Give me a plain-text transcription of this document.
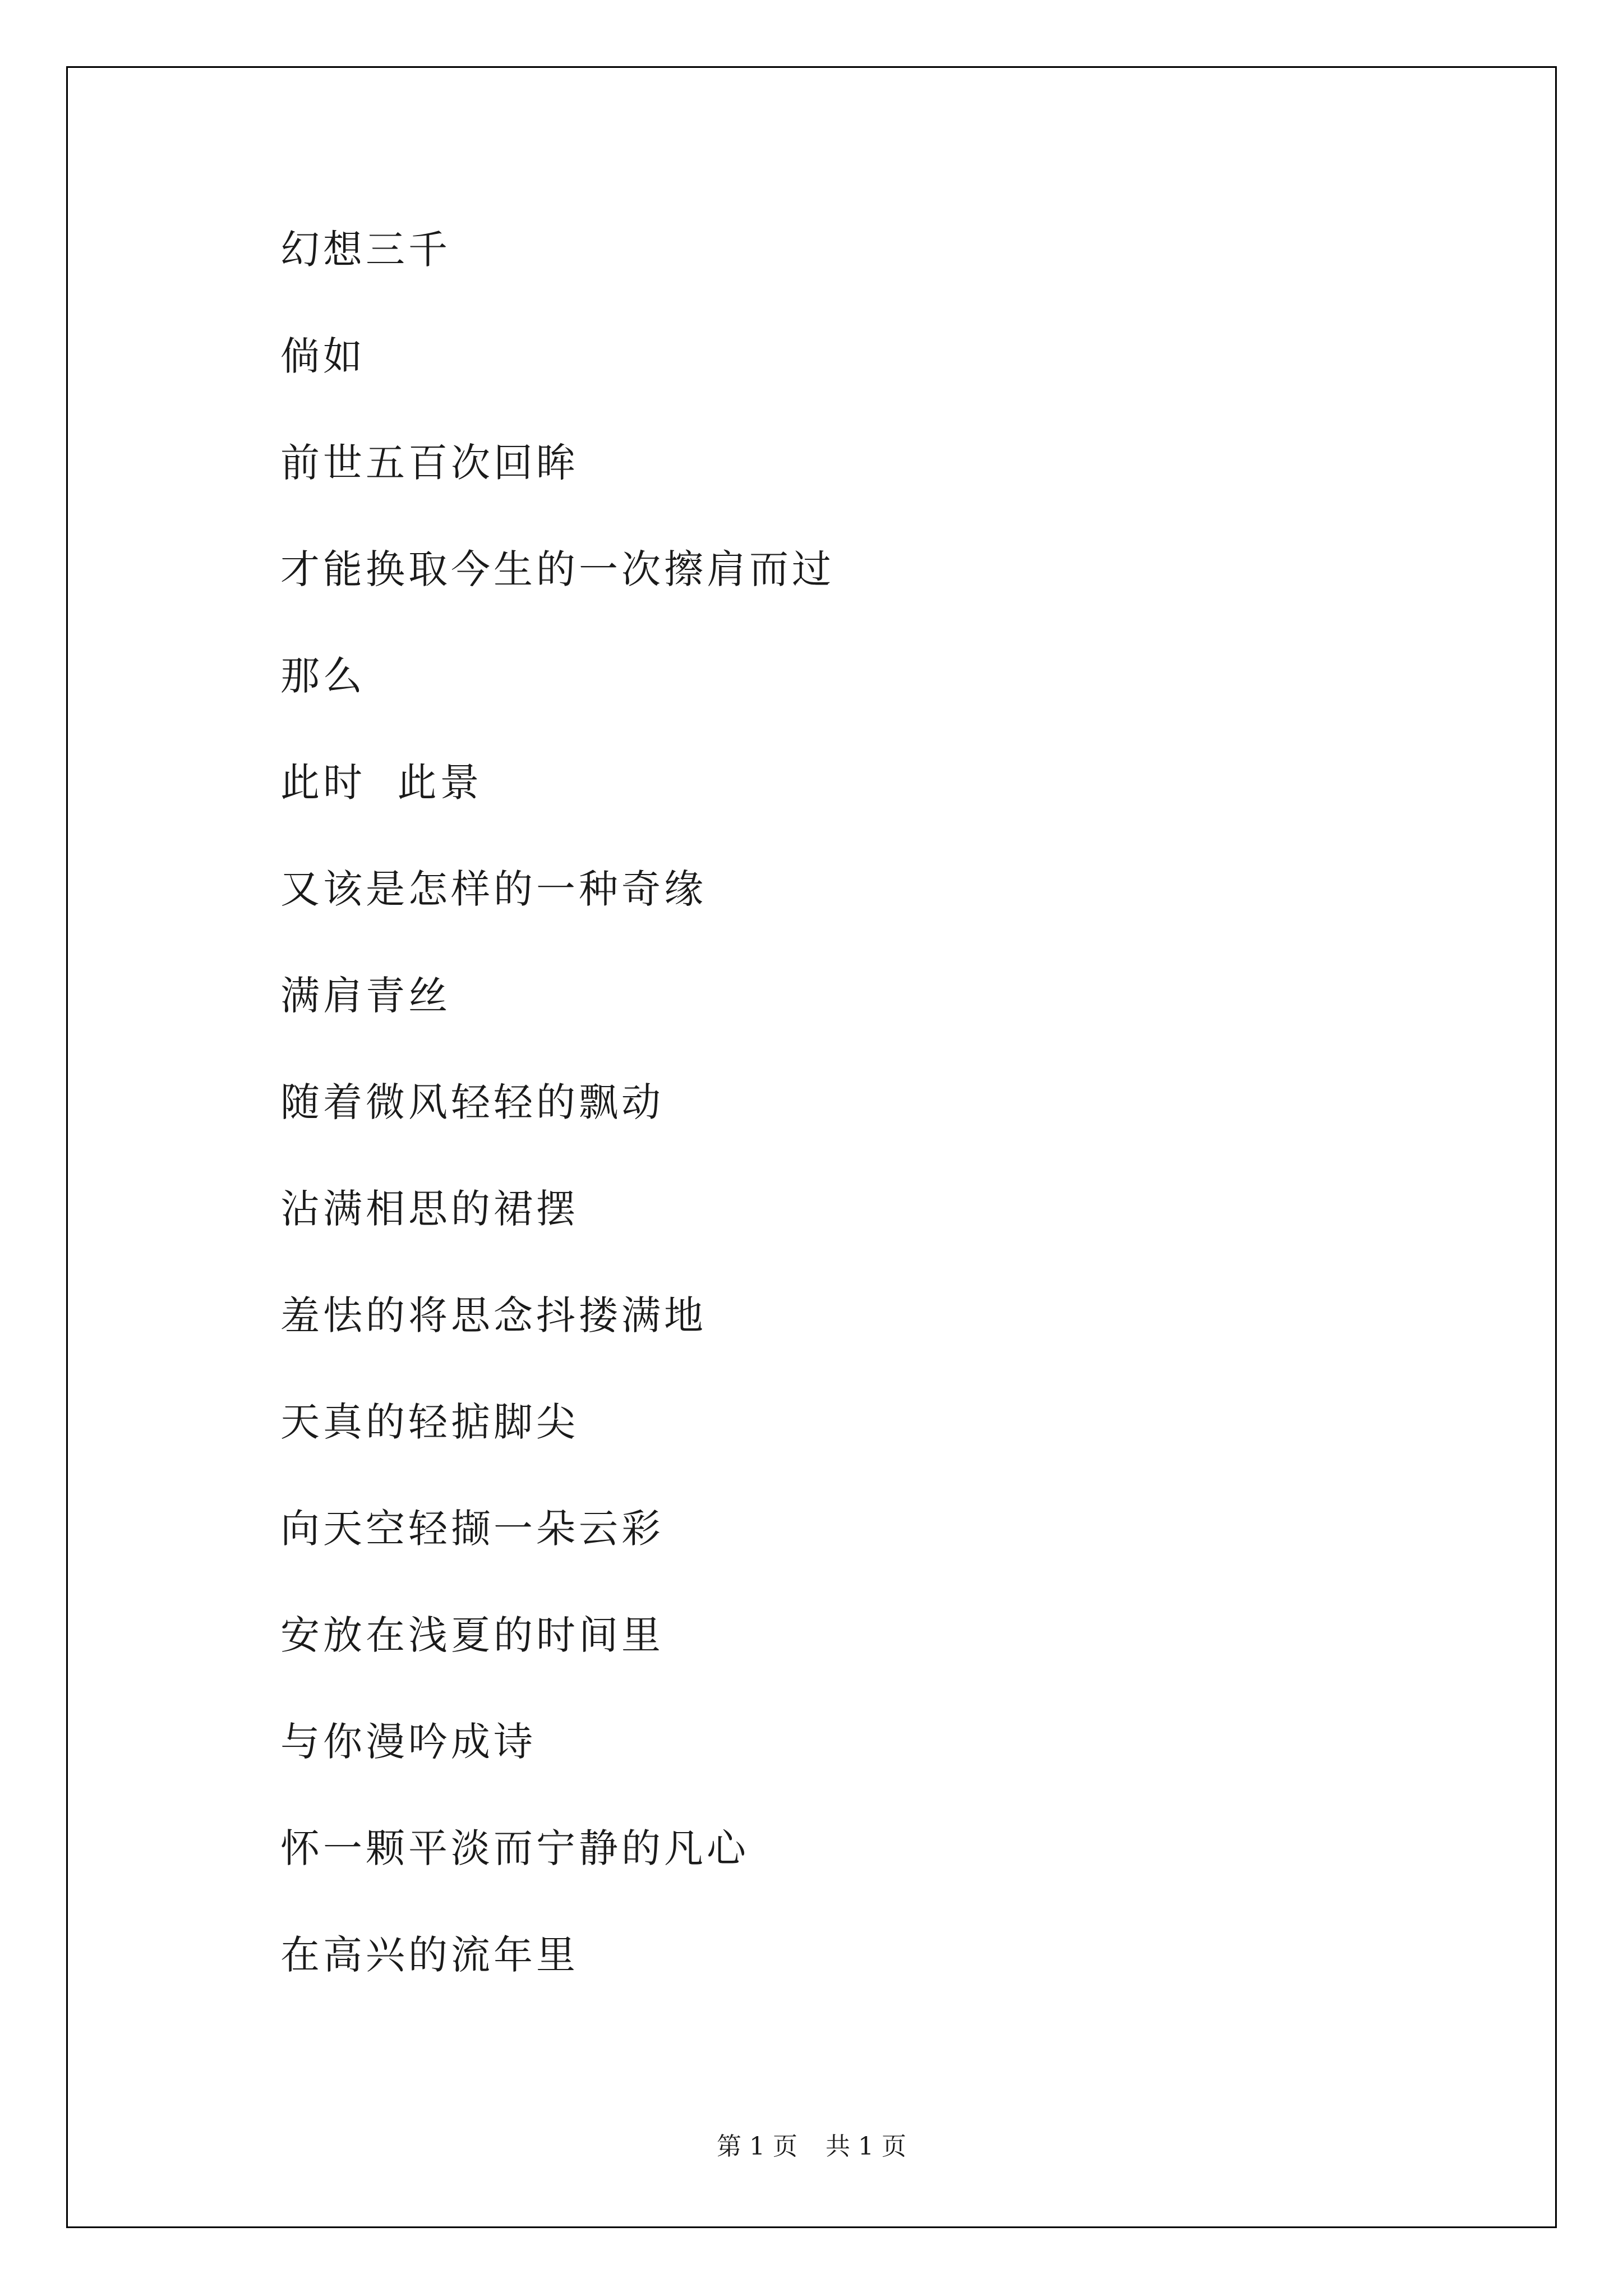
幻想三千
倘如
前世五百次回眸
才能换取今生的一次擦肩而过
那么
此时  此景
又该是怎样的一种奇缘
满肩青丝
随着微风轻轻的飘动
沾满相思的裙摆
羞怯的将思念抖搂满地
天真的轻掂脚尖
向天空轻撷一朵云彩
安放在浅夏的时间里
与你漫吟成诗
怀一颗平淡而宁静的凡心
在高兴的流年里
第 1 页 共 1 页
